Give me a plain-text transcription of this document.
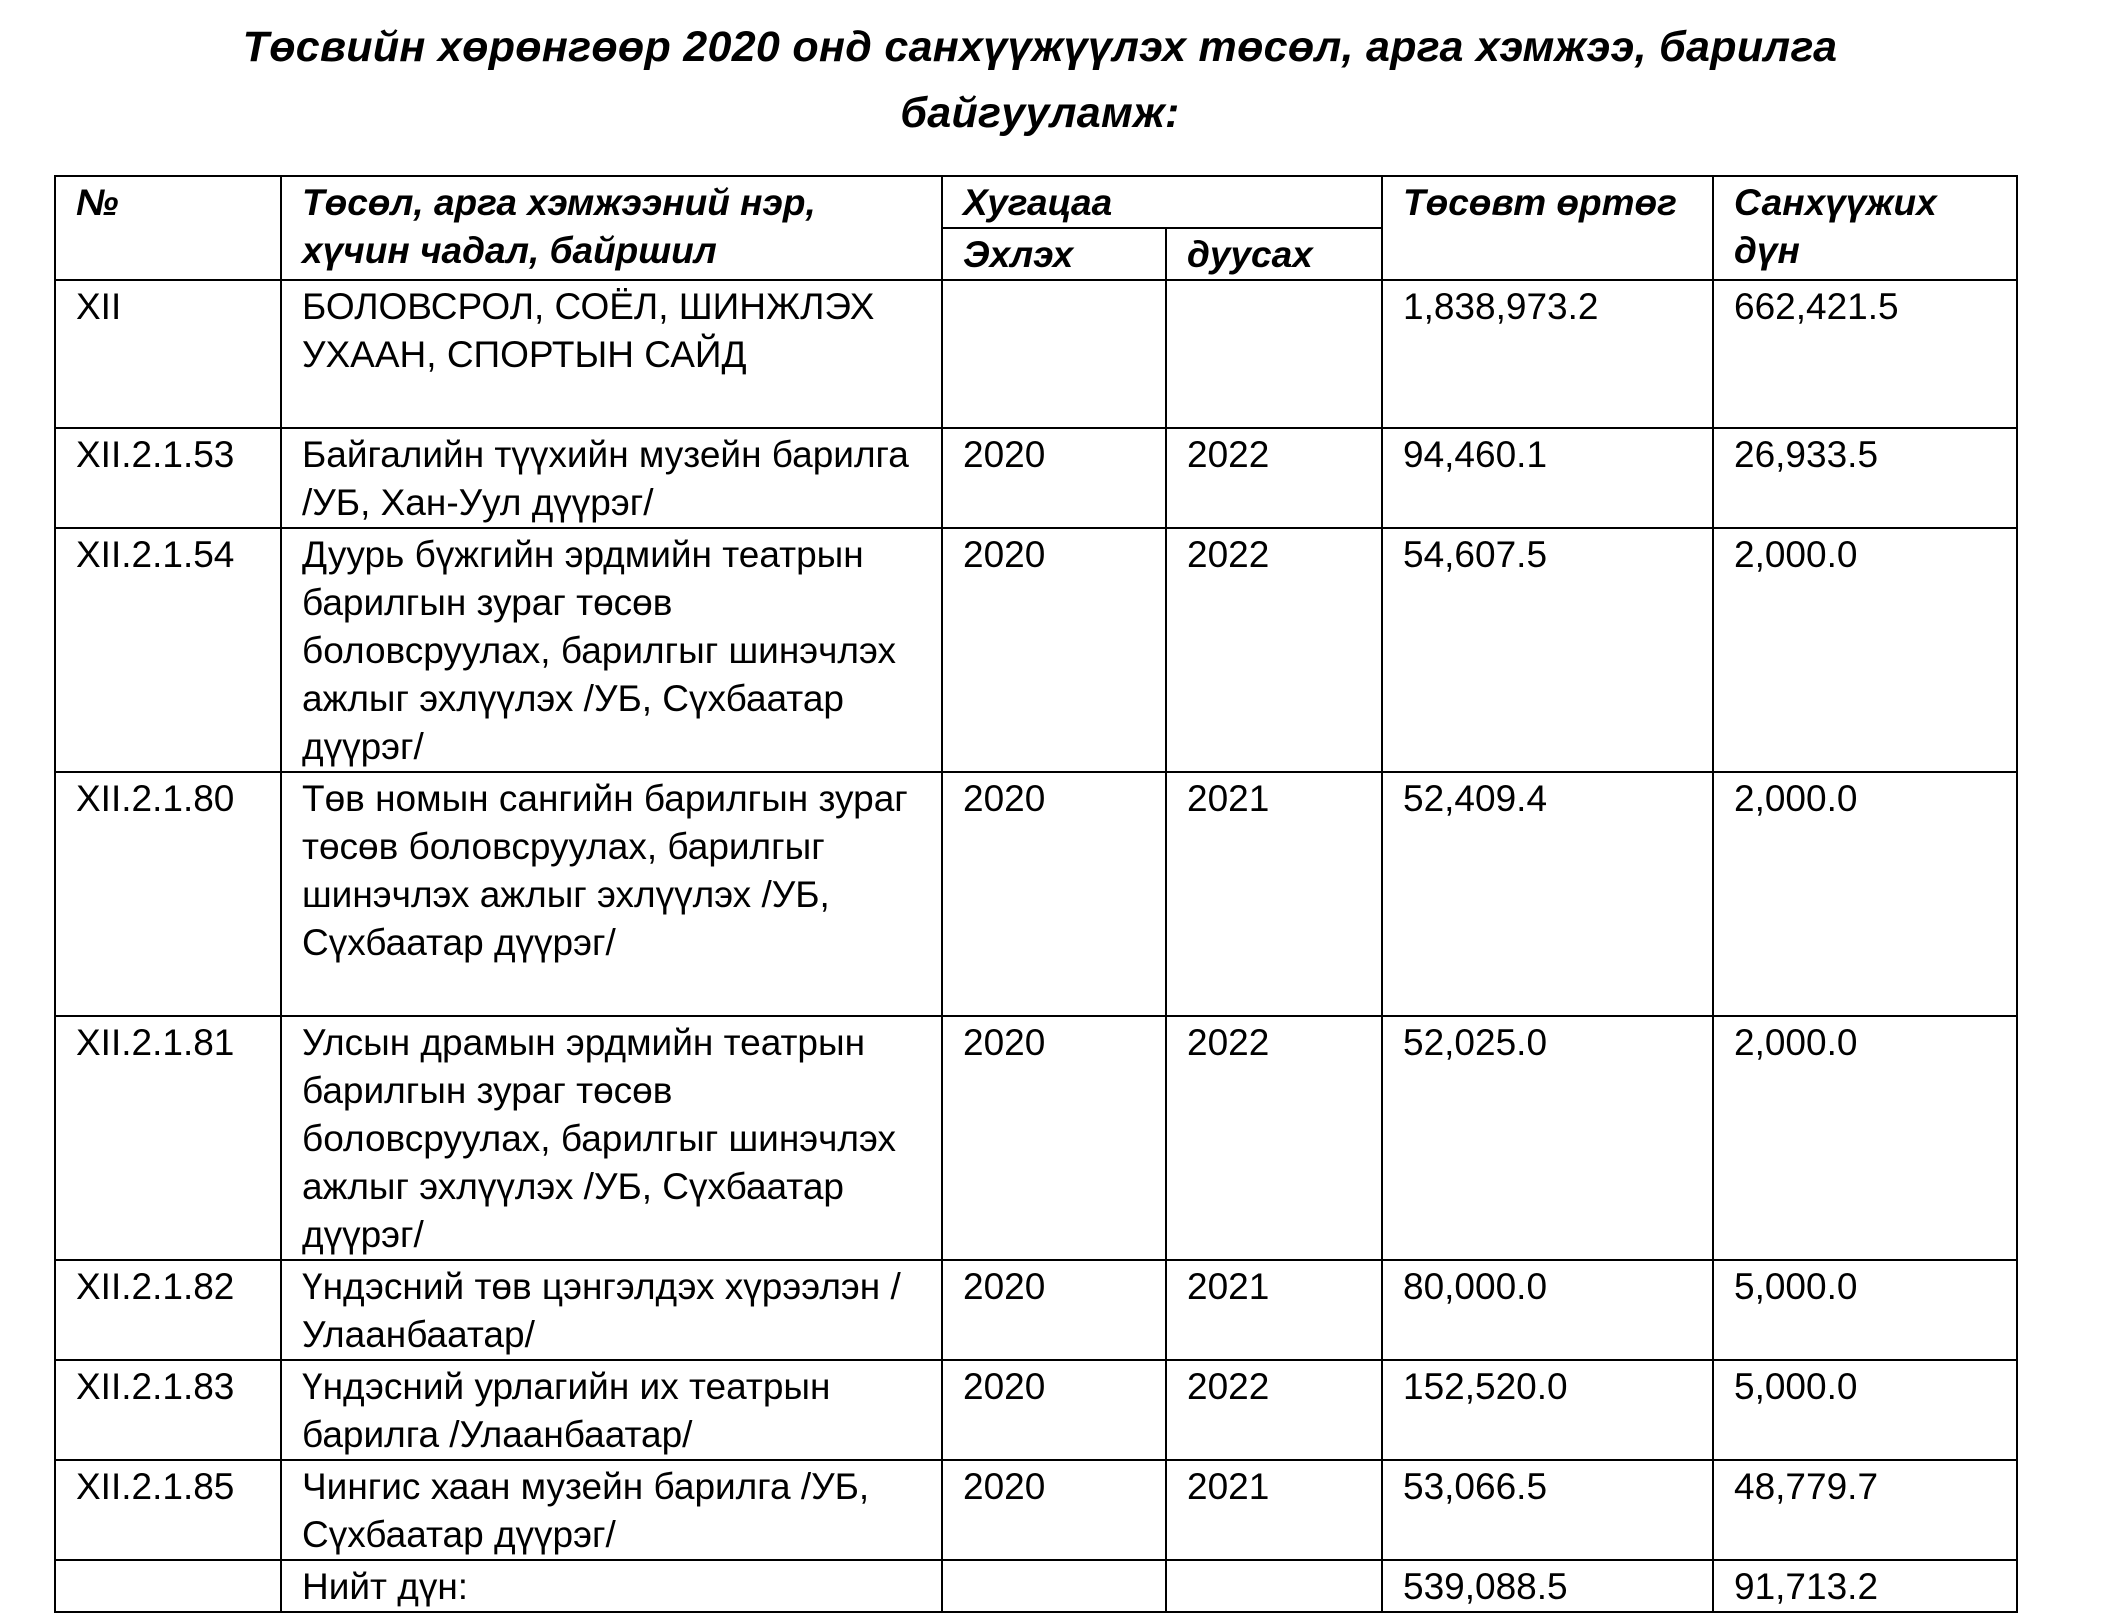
Төсвийн хөрөнгөөр 2020 онд санхүүжүүлэх төсөл, арга хэмжээ, барилга
байгууламж:
№	Төсөл, арга хэмжээний нэр, хүчин чадал, байршил	Хугацаа		Төсөвт өртөг	Санхүүжих дүн
		Эхлэх	дуусах		
XII	БОЛОВСРОЛ, СОЁЛ, ШИНЖЛЭХ УХААН, СПОРТЫН САЙД			1,838,973.2	662,421.5
XII.2.1.53	Байгалийн түүхийн музейн барилга /УБ, Хан-Уул дүүрэг/	2020	2022	94,460.1	26,933.5
XII.2.1.54	Дуурь бүжгийн эрдмийн театрын барилгын зураг төсөв боловсруулах, барилгыг шинэчлэх ажлыг эхлүүлэх /УБ, Сүхбаатар дүүрэг/	2020	2022	54,607.5	2,000.0
XII.2.1.80	Төв номын сангийн барилгын зураг төсөв боловсруулах, барилгыг шинэчлэх ажлыг эхлүүлэх /УБ, Сүхбаатар дүүрэг/	2020	2021	52,409.4	2,000.0
XII.2.1.81	Улсын драмын эрдмийн театрын барилгын зураг төсөв боловсруулах, барилгыг шинэчлэх ажлыг эхлүүлэх /УБ, Сүхбаатар дүүрэг/	2020	2022	52,025.0	2,000.0
XII.2.1.82	Үндэсний төв цэнгэлдэх хүрээлэн /Улаанбаатар/	2020	2021	80,000.0	5,000.0
XII.2.1.83	Үндэсний урлагийн их театрын барилга /Улаанбаатар/	2020	2022	152,520.0	5,000.0
XII.2.1.85	Чингис хаан музейн барилга /УБ, Сүхбаатар дүүрэг/	2020	2021	53,066.5	48,779.7
	Нийт дүн:			539,088.5	91,713.2
